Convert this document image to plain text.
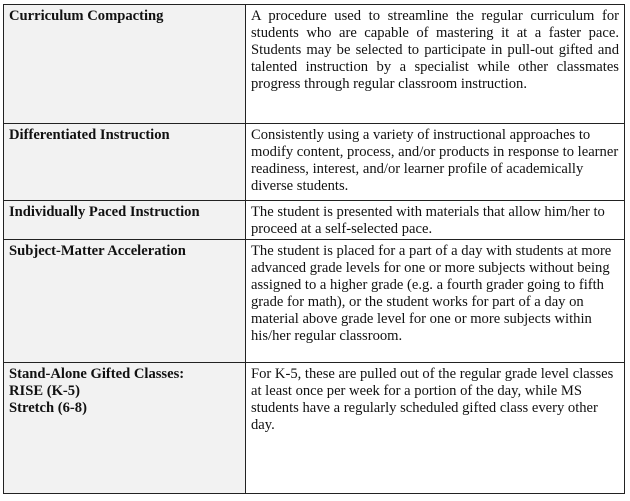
Curriculum Compacting	A procedure used to streamline the regular curriculum for students who are capable of mastering it at a faster pace. Students may be selected to participate in pull-out gifted and talented instruction by a specialist while other classmates progress through regular classroom instruction.

Differentiated Instruction	Consistently using a variety of instructional approaches to modify content, process, and/or products in response to learner readiness, interest, and/or learner profile of academically diverse students.

Individually Paced Instruction	The student is presented with materials that allow him/her to proceed at a self-selected pace.

Subject-Matter Acceleration	The student is placed for a part of a day with students at more advanced grade levels for one or more subjects without being assigned to a higher grade (e.g. a fourth grader going to fifth grade for math), or the student works for part of a day on material above grade level for one or more subjects within his/her regular classroom.

Stand-Alone Gifted Classes:
RISE (K-5)
Stretch (6-8)	For K-5, these are pulled out of the regular grade level classes at least once per week for a portion of the day, while MS students have a regularly scheduled gifted class every other day.
